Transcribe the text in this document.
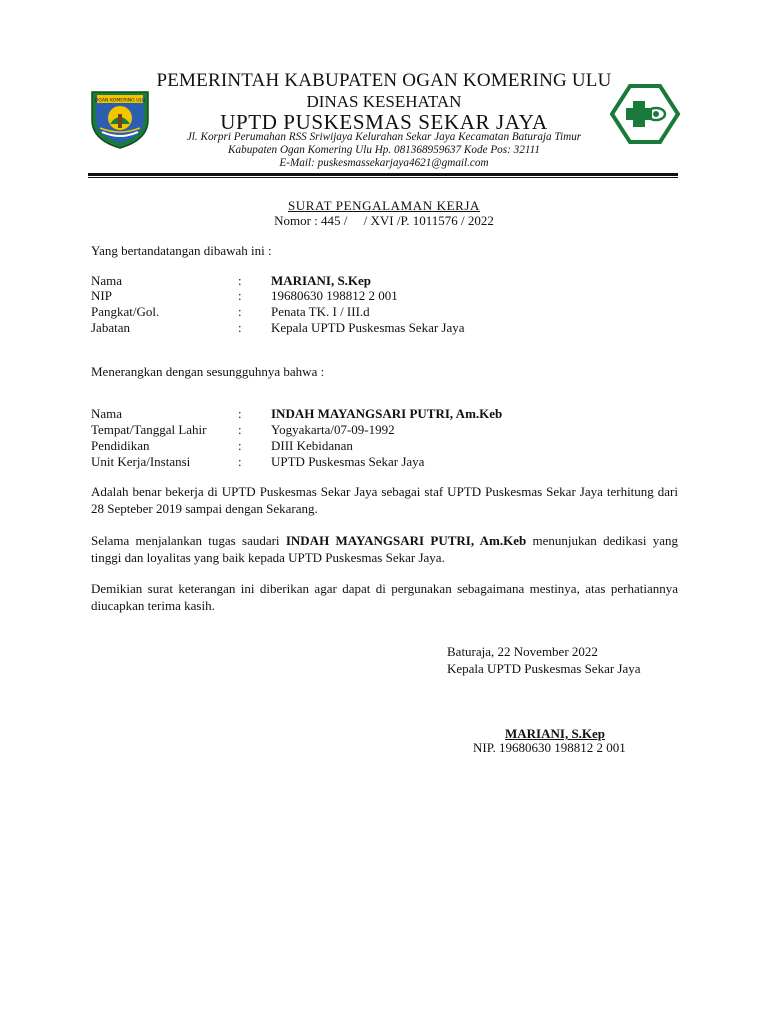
OGAN KOMERING ULU
PEMERINTAH KABUPATEN OGAN KOMERING ULU
DINAS KESEHATAN
UPTD PUSKESMAS SEKAR JAYA
Jl. Korpri Perumahan RSS Sriwijaya Kelurahan Sekar Jaya Kecamatan Baturaja Timur
Kabupaten Ogan Komering Ulu Hp. 081368959637 Kode Pos: 32111
E-Mail: puskesmassekarjaya4621@gmail.com
SURAT PENGALAMAN KERJA
Nomor : 445 /     / XVI /P. 1011576 / 2022
Yang bertandatangan dibawah ini :
Nama	: MARIANI, S.Kep
NIP	: 19680630 198812 2 001
Pangkat/Gol.	: Penata TK. I / III.d
Jabatan	: Kepala UPTD Puskesmas Sekar Jaya
Menerangkan dengan sesungguhnya bahwa :
Nama	: INDAH MAYANGSARI PUTRI, Am.Keb
Tempat/Tanggal Lahir	: Yogyakarta/07-09-1992
Pendidikan	: DIII Kebidanan
Unit Kerja/Instansi	: UPTD Puskesmas Sekar Jaya
Adalah benar bekerja di UPTD Puskesmas Sekar Jaya sebagai staf UPTD Puskesmas Sekar Jaya terhitung dari 28 Septeber 2019 sampai dengan Sekarang.
Selama menjalankan tugas saudari INDAH MAYANGSARI PUTRI, Am.Keb menunjukan dedikasi yang tinggi dan loyalitas yang baik kepada UPTD Puskesmas Sekar Jaya.
Demikian surat keterangan ini diberikan agar dapat di pergunakan sebagaimana mestinya, atas perhatiannya diucapkan terima kasih.
Baturaja, 22 November 2022
Kepala UPTD Puskesmas Sekar Jaya
MARIANI, S.Kep
NIP. 19680630 198812 2 001
